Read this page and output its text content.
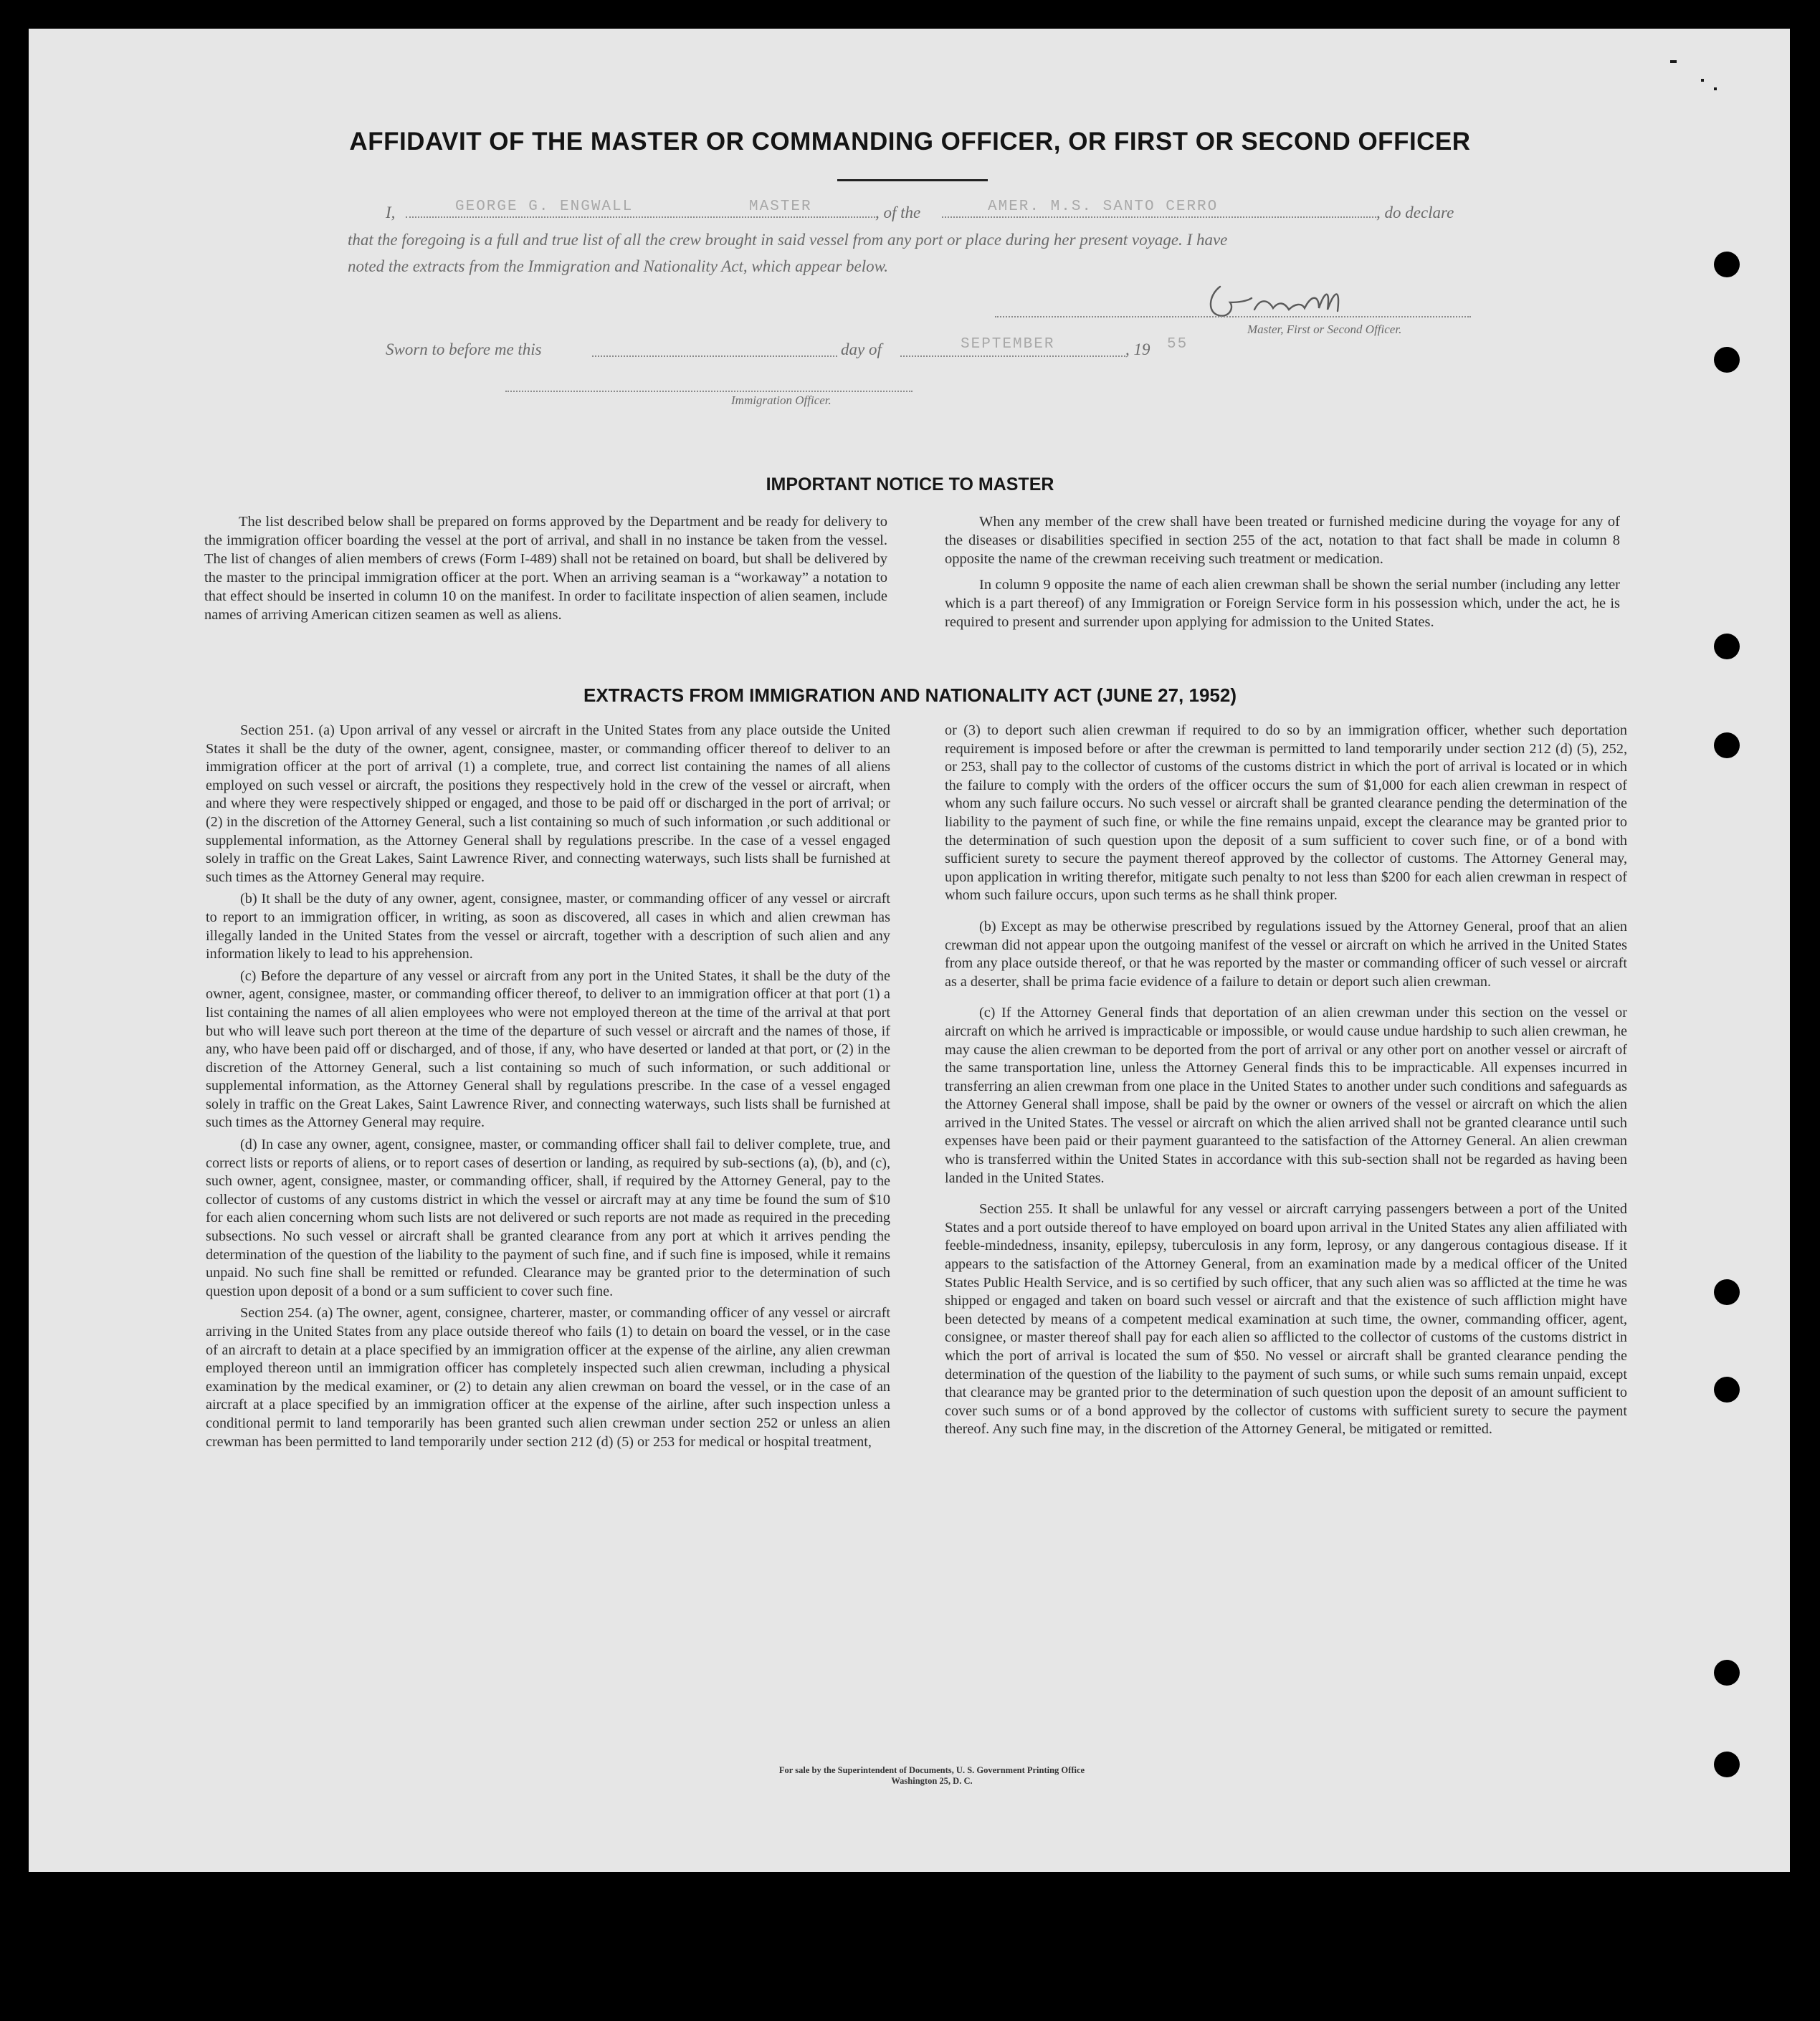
AFFIDAVIT OF THE MASTER OR COMMANDING OFFICER, OR FIRST OR SECOND OFFICER
I,	GEORGE G. ENGWALL	MASTER	, of the	AMER. M.S. SANTO CERRO	, do declare
that the foregoing is a full and true list of all the crew brought in said vessel from any port or place during her present voyage. I have
noted the extracts from the Immigration and Nationality Act, which appear below.
Master, First or Second Officer.
Sworn to before me this	day of	SEPTEMBER	, 19 55
Immigration Officer.
IMPORTANT NOTICE TO MASTER

The list described below shall be prepared on forms approved by the Department and be ready for delivery to the immigration officer boarding the vessel at the port of arrival, and shall in no instance be taken from the vessel. The list of changes of alien members of crews (Form I-489) shall not be retained on board, but shall be delivered by the master to the principal immigration officer at the port. When an arriving seaman is a “workaway” a notation to that effect should be inserted in column 10 on the manifest. In order to facilitate inspection of alien seamen, include names of arriving American citizen seamen as well as aliens.

When any member of the crew shall have been treated or furnished medicine during the voyage for any of the diseases or disabilities specified in section 255 of the act, notation to that fact shall be made in column 8 opposite the name of the crewman receiving such treatment or medication.

In column 9 opposite the name of each alien crewman shall be shown the serial number (including any letter which is a part thereof) of any Immigration or Foreign Service form in his possession which, under the act, he is required to present and surrender upon applying for admission to the United States.

EXTRACTS FROM IMMIGRATION AND NATIONALITY ACT (JUNE 27, 1952)

Section 251. (a) Upon arrival of any vessel or aircraft in the United States from any place outside the United States it shall be the duty of the owner, agent, consignee, master, or commanding officer thereof to deliver to an immigration officer at the port of arrival (1) a complete, true, and correct list containing the names of all aliens employed on such vessel or aircraft, the positions they respectively hold in the crew of the vessel or aircraft, when and where they were respectively shipped or engaged, and those to be paid off or discharged in the port of arrival; or (2) in the discretion of the Attorney General, such a list containing so much of such information ,or such additional or supplemental information, as the Attorney General shall by regulations prescribe. In the case of a vessel engaged solely in traffic on the Great Lakes, Saint Lawrence River, and connecting waterways, such lists shall be furnished at such times as the Attorney General may require.

(b) It shall be the duty of any owner, agent, consignee, master, or commanding officer of any vessel or aircraft to report to an immigration officer, in writing, as soon as discovered, all cases in which and alien crewman has illegally landed in the United States from the vessel or aircraft, together with a description of such alien and any information likely to lead to his apprehension.

(c) Before the departure of any vessel or aircraft from any port in the United States, it shall be the duty of the owner, agent, consignee, master, or commanding officer thereof, to deliver to an immigration officer at that port (1) a list containing the names of all alien employees who were not employed thereon at the time of the arrival at that port but who will leave such port thereon at the time of the departure of such vessel or aircraft and the names of those, if any, who have been paid off or discharged, and of those, if any, who have deserted or landed at that port, or (2) in the discretion of the Attorney General, such a list containing so much of such information, or such additional or supplemental information, as the Attorney General shall by regulations prescribe. In the case of a vessel engaged solely in traffic on the Great Lakes, Saint Lawrence River, and connecting waterways, such lists shall be furnished at such times as the Attorney General may require.

(d) In case any owner, agent, consignee, master, or commanding officer shall fail to deliver complete, true, and correct lists or reports of aliens, or to report cases of desertion or landing, as required by sub-sections (a), (b), and (c), such owner, agent, consignee, master, or commanding officer, shall, if required by the Attorney General, pay to the collector of customs of any customs district in which the vessel or aircraft may at any time be found the sum of $10 for each alien concerning whom such lists are not delivered or such reports are not made as required in the preceding subsections. No such vessel or aircraft shall be granted clearance from any port at which it arrives pending the determination of the question of the liability to the payment of such fine, and if such fine is imposed, while it remains unpaid. No such fine shall be remitted or refunded. Clearance may be granted prior to the determination of such question upon deposit of a bond or a sum sufficient to cover such fine.

Section 254. (a) The owner, agent, consignee, charterer, master, or commanding officer of any vessel or aircraft arriving in the United States from any place outside thereof who fails (1) to detain on board the vessel, or in the case of an aircraft to detain at a place specified by an immigration officer at the expense of the airline, any alien crewman employed thereon until an immigration officer has completely inspected such alien crewman, including a physical examination by the medical examiner, or (2) to detain any alien crewman on board the vessel, or in the case of an aircraft at a place specified by an immigration officer at the expense of the airline, after such inspection unless a conditional permit to land temporarily has been granted such alien crewman under section 252 or unless an alien crewman has been permitted to land temporarily under section 212 (d) (5) or 253 for medical or hospital treatment,

or (3) to deport such alien crewman if required to do so by an immigration officer, whether such deportation requirement is imposed before or after the crewman is permitted to land temporarily under section 212 (d) (5), 252, or 253, shall pay to the collector of customs of the customs district in which the port of arrival is located or in which the failure to comply with the orders of the officer occurs the sum of $1,000 for each alien crewman in respect of whom any such failure occurs. No such vessel or aircraft shall be granted clearance pending the determination of the liability to the payment of such fine, or while the fine remains unpaid, except the clearance may be granted prior to the determination of such question upon the deposit of a sum sufficient to cover such fine, or of a bond with sufficient surety to secure the payment thereof approved by the collector of customs. The Attorney General may, upon application in writing therefor, mitigate such penalty to not less than $200 for each alien crewman in respect of whom such failure occurs, upon such terms as he shall think proper.

(b) Except as may be otherwise prescribed by regulations issued by the Attorney General, proof that an alien crewman did not appear upon the outgoing manifest of the vessel or aircraft on which he arrived in the United States from any place outside thereof, or that he was reported by the master or commanding officer of such vessel or aircraft as a deserter, shall be prima facie evidence of a failure to detain or deport such alien crewman.

(c) If the Attorney General finds that deportation of an alien crewman under this section on the vessel or aircraft on which he arrived is impracticable or impossible, or would cause undue hardship to such alien crewman, he may cause the alien crewman to be deported from the port of arrival or any other port on another vessel or aircraft of the same transportation line, unless the Attorney General finds this to be impracticable. All expenses incurred in transferring an alien crewman from one place in the United States to another under such conditions and safeguards as the Attorney General shall impose, shall be paid by the owner or owners of the vessel or aircraft on which the alien arrived in the United States. The vessel or aircraft on which the alien arrived shall not be granted clearance until such expenses have been paid or their payment guaranteed to the satisfaction of the Attorney General. An alien crewman who is transferred within the United States in accordance with this sub-section shall not be regarded as having been landed in the United States.

Section 255. It shall be unlawful for any vessel or aircraft carrying passengers between a port of the United States and a port outside thereof to have employed on board upon arrival in the United States any alien affiliated with feeble-mindedness, insanity, epilepsy, tuberculosis in any form, leprosy, or any dangerous contagious disease. If it appears to the satisfaction of the Attorney General, from an examination made by a medical officer of the United States Public Health Service, and is so certified by such officer, that any such alien was so afflicted at the time he was shipped or engaged and taken on board such vessel or aircraft and that the existence of such affliction might have been detected by means of a competent medical examination at such time, the owner, commanding officer, agent, consignee, or master thereof shall pay for each alien so afflicted to the collector of customs of the customs district in which the port of arrival is located the sum of $50. No vessel or aircraft shall be granted clearance pending the determination of the question of the liability to the payment of such sums, or while such sums remain unpaid, except that clearance may be granted prior to the determination of such question upon the deposit of an amount sufficient to cover such sums or of a bond approved by the collector of customs with sufficient surety to secure the payment thereof. Any such fine may, in the discretion of the Attorney General, be mitigated or remitted.

For sale by the Superintendent of Documents, U. S. Government Printing Office
Washington 25, D. C.
